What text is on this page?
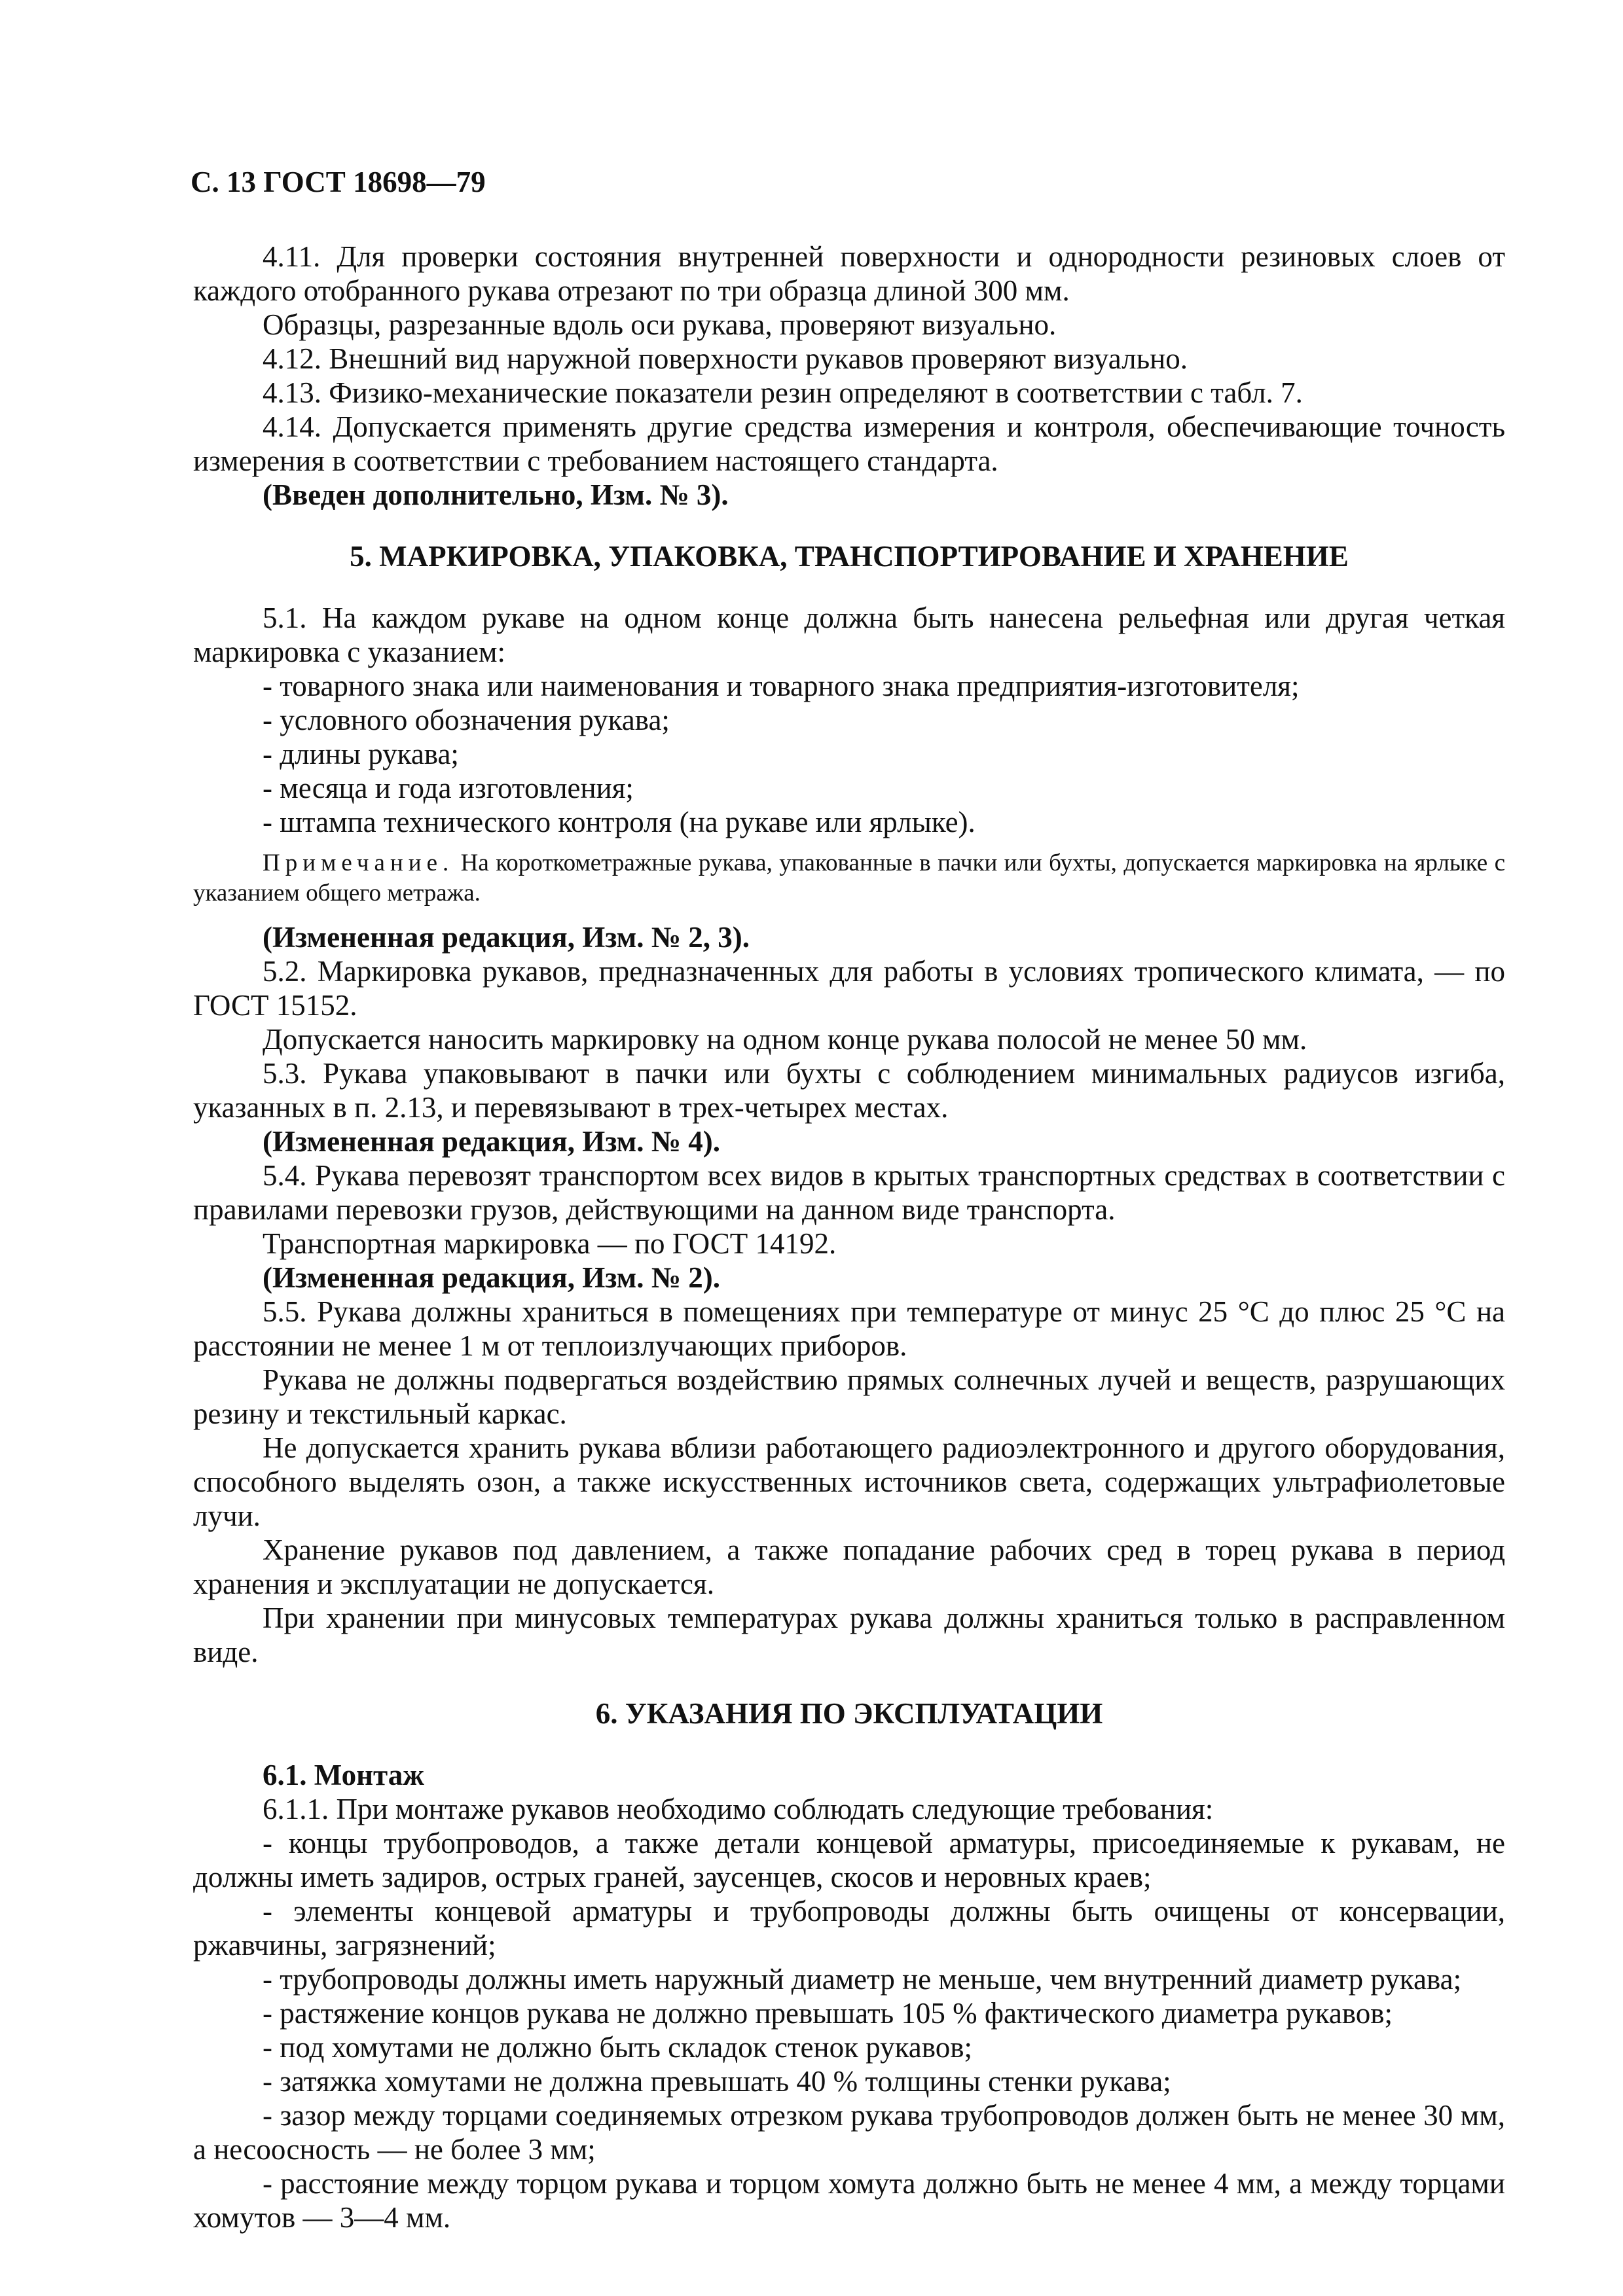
С. 13 ГОСТ 18698—79

4.11. Для проверки состояния внутренней поверхности и однородности резиновых слоев от каждого отобранного рукава отрезают по три образца длиной 300 мм.

Образцы, разрезанные вдоль оси рукава, проверяют визуально.

4.12. Внешний вид наружной поверхности рукавов проверяют визуально.

4.13. Физико-механические показатели резин определяют в соответствии с табл. 7.

4.14. Допускается применять другие средства измерения и контроля, обеспечивающие точность измерения в соответствии с требованием настоящего стандарта.

(Введен дополнительно, Изм. № 3).

5. МАРКИРОВКА, УПАКОВКА, ТРАНСПОРТИРОВАНИЕ И ХРАНЕНИЕ

5.1. На каждом рукаве на одном конце должна быть нанесена рельефная или другая четкая маркировка с указанием:

- товарного знака или наименования и товарного знака предприятия-изготовителя;

- условного обозначения рукава;

- длины рукава;

- месяца и года изготовления;

- штампа технического контроля (на рукаве или ярлыке).

Примечание. На короткометражные рукава, упакованные в пачки или бухты, допускается маркировка на ярлыке с указанием общего метража.

(Измененная редакция, Изм. № 2, 3).

5.2. Маркировка рукавов, предназначенных для работы в условиях тропического климата, — по ГОСТ 15152.

Допускается наносить маркировку на одном конце рукава полосой не менее 50 мм.

5.3. Рукава упаковывают в пачки или бухты с соблюдением минимальных радиусов изгиба, указанных в п. 2.13, и перевязывают в трех-четырех местах.

(Измененная редакция, Изм. № 4).

5.4. Рукава перевозят транспортом всех видов в крытых транспортных средствах в соответствии с правилами перевозки грузов, действующими на данном виде транспорта.

Транспортная маркировка — по ГОСТ 14192.

(Измененная редакция, Изм. № 2).

5.5. Рукава должны храниться в помещениях при температуре от минус 25 °С до плюс 25 °С на расстоянии не менее 1 м от теплоизлучающих приборов.

Рукава не должны подвергаться воздействию прямых солнечных лучей и веществ, разрушающих резину и текстильный каркас.

Не допускается хранить рукава вблизи работающего радиоэлектронного и другого оборудования, способного выделять озон, а также искусственных источников света, содержащих ультрафиолетовые лучи.

Хранение рукавов под давлением, а также попадание рабочих сред в торец рукава в период хранения и эксплуатации не допускается.

При хранении при минусовых температурах рукава должны храниться только в расправленном виде.

6. УКАЗАНИЯ ПО ЭКСПЛУАТАЦИИ

6.1. Монтаж

6.1.1. При монтаже рукавов необходимо соблюдать следующие требования:

- концы трубопроводов, а также детали концевой арматуры, присоединяемые к рукавам, не должны иметь задиров, острых граней, заусенцев, скосов и неровных краев;

- элементы концевой арматуры и трубопроводы должны быть очищены от консервации, ржавчины, загрязнений;

- трубопроводы должны иметь наружный диаметр не меньше, чем внутренний диаметр рукава;

- растяжение концов рукава не должно превышать 105 % фактического диаметра рукавов;

- под хомутами не должно быть складок стенок рукавов;

- затяжка хомутами не должна превышать 40 % толщины стенки рукава;

- зазор между торцами соединяемых отрезком рукава трубопроводов должен быть не менее 30 мм, а несоосность — не более 3 мм;

- расстояние между торцом рукава и торцом хомута должно быть не менее 4 мм, а между торцами хомутов — 3—4 мм.
